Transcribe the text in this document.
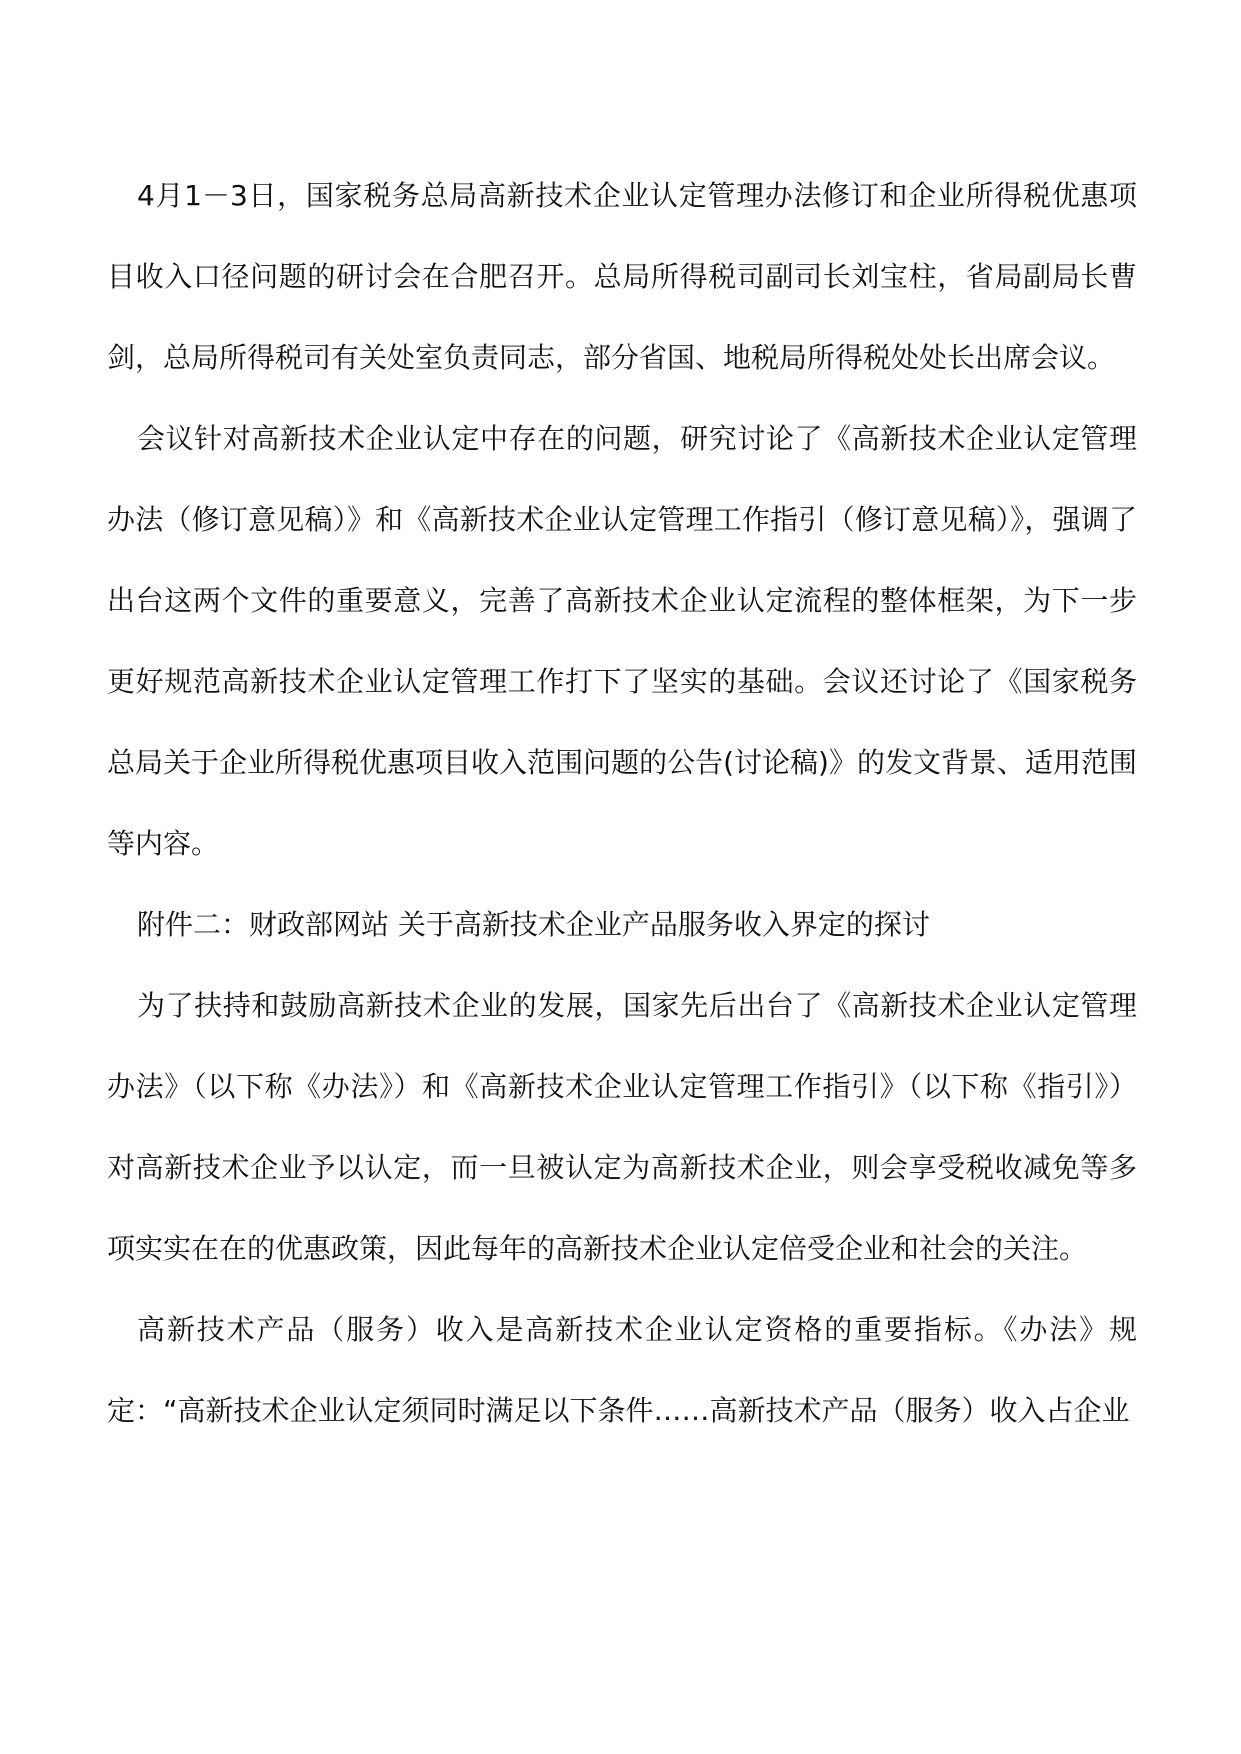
4月1－3日，国家税务总局高新技术企业认定管理办法修订和企业所得税优惠项目收入口径问题的研讨会在合肥召开。总局所得税司副司长刘宝柱，省局副局长曹剑，总局所得税司有关处室负责同志，部分省国、地税局所得税处处长出席会议。

会议针对高新技术企业认定中存在的问题，研究讨论了《高新技术企业认定管理办法（修订意见稿）》和《高新技术企业认定管理工作指引（修订意见稿）》，强调了出台这两个文件的重要意义，完善了高新技术企业认定流程的整体框架，为下一步更好规范高新技术企业认定管理工作打下了坚实的基础。会议还讨论了《国家税务总局关于企业所得税优惠项目收入范围问题的公告(讨论稿)》的发文背景、适用范围等内容。

附件二：财政部网站 关于高新技术企业产品服务收入界定的探讨

为了扶持和鼓励高新技术企业的发展，国家先后出台了《高新技术企业认定管理办法》（以下称《办法》）和《高新技术企业认定管理工作指引》（以下称《指引》）对高新技术企业予以认定，而一旦被认定为高新技术企业，则会享受税收减免等多项实实在在的优惠政策，因此每年的高新技术企业认定倍受企业和社会的关注。

高新技术产品（服务）收入是高新技术企业认定资格的重要指标。《办法》规定：“高新技术企业认定须同时满足以下条件……高新技术产品（服务）收入占企业
